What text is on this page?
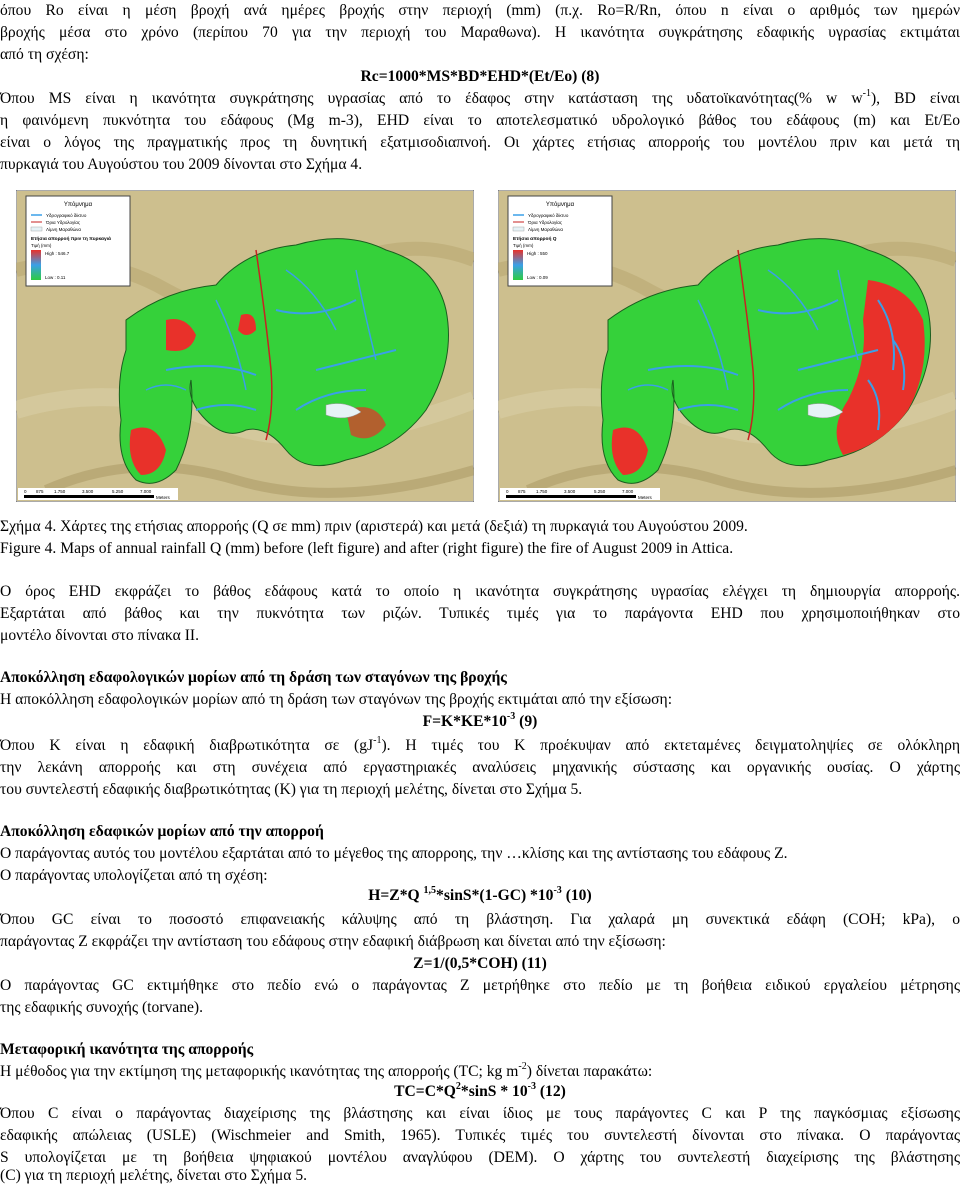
όπου Ro είναι η μέση βροχή ανά ημέρες βροχής στην περιοχή (mm) (π.χ. Ro=R/Rn, όπου n είναι ο αριθμός των ημερών
βροχής μέσα στο χρόνο (περίπου 70 για την περιοχή του Μαραθωνα). Η ικανότητα συγκράτησης εδαφικής υγρασίας εκτιμάται
από τη σχέση:
Rc=1000*MS*BD*EHD*(Et/Eo) (8)
Όπου MS είναι η ικανότητα συγκράτησης υγρασίας από το έδαφος στην κατάσταση της υδατοϊκανότητας(% w $w^{-1}$), BD είναι
η φαινόμενη πυκνότητα του εδάφους (Mg m-3), EHD είναι το αποτελεσματικό υδρολογικό βάθος του εδάφους (m) και Et/Eo
είναι ο λόγος της πραγματικής προς τη δυνητική εξατμισοδιαπνοή. Οι χάρτες ετήσιας απορροής του μοντέλου πριν και μετά τη
πυρκαγιά του Αυγούστου του 2009 δίνονται στο Σχήμα 4.
Υπόμνημα
Υδρογραφικό δίκτυο
Όρια Υδρολογίας
Λίμνη Μαραθώνα
Ετήσια απορροή πριν τη πυρκαγιά
Τιμή (mm)
High : 546.7
Low : 0.11
0 875 1.750	3.500	5.250	7.000
Meters
Υπόμνημα
Υδρογραφικό δίκτυο
Όρια Υδρολογίας
Λίμνη Μαραθώνα
Ετήσια απορροή Q
Τιμή (mm)
High : 550
Low : 0.09
0 875 1.750	3.500	5.250	7.000
Meters
Σχήμα 4. Χάρτες της ετήσιας απορροής (Q σε mm) πριν (αριστερά) και μετά (δεξιά) τη πυρκαγιά του Αυγούστου 2009.
Figure 4. Maps of annual rainfall Q (mm) before (left figure) and after (right figure) the fire of August 2009 in Attica.
Ο όρος EHD εκφράζει το βάθος εδάφους κατά το οποίο η ικανότητα συγκράτησης υγρασίας ελέγχει τη δημιουργία απορροής.
Εξαρτάται από βάθος και την πυκνότητα των ριζών. Τυπικές τιμές για το παράγοντα EHD που χρησιμοποιήθηκαν στο
μοντέλο δίνονται στο πίνακα ΙΙ.
Αποκόλληση εδαφολογικών μορίων από τη δράση των σταγόνων της βροχής
Η αποκόλληση εδαφολογικών μορίων από τη δράση των σταγόνων της βροχής εκτιμάται από την εξίσωση:
$F=K*KE*10^{-3}$ (9)
Όπου Κ είναι η εδαφική διαβρωτικότητα σε $(gJ^{-1})$. Η τιμές του Κ προέκυψαν από εκτεταμένες δειγματοληψίες σε ολόκληρη
την λεκάνη απορροής και στη συνέχεια από εργαστηριακές αναλύσεις μηχανικής σύστασης και οργανικής ουσίας. Ο χάρτης
του συντελεστή εδαφικής διαβρωτικότητας (Κ) για τη περιοχή μελέτης, δίνεται στο Σχήμα 5.
Αποκόλληση εδαφικών μορίων από την απορροή
Ο παράγοντας αυτός του μοντέλου εξαρτάται από το μέγεθος της απορροης, την …κλίσης και της αντίστασης του εδάφους Ζ.
Ο παράγοντας υπολογίζεται από τη σχέση:
H=Z*Q $^{1,5}$*sinS*(1-GC) $*10^{-3}$ (10)
Όπου GC είναι το ποσοστό επιφανειακής κάλυψης από τη βλάστηση. Για χαλαρά μη συνεκτικά εδάφη (COH; kPa), ο
παράγοντας Ζ εκφράζει την αντίσταση του εδάφους στην εδαφική διάβρωση και δίνεται από την εξίσωση:
Z=1/(0,5*COH) (11)
Ο παράγοντας GC εκτιμήθηκε στο πεδίο ενώ ο παράγοντας Ζ μετρήθηκε στο πεδίο με τη βοήθεια ειδικού εργαλείου μέτρησης
της εδαφικής συνοχής (torvane).
Μεταφορική ικανότητα της απορροής
Η μέθοδος για την εκτίμηση της μεταφορικής ικανότητας της απορροής (TC; kg $m^{-2}$) δίνεται παρακάτω:
$TC=C*Q^2*\sin S * 10^{-3}$ (12)
Όπου C είναι ο παράγοντας διαχείρισης της βλάστησης και είναι ίδιος με τους παράγοντες C και P της παγκόσμιας εξίσωσης
εδαφικής απώλειας (USLE) (Wischmeier and Smith, 1965). Τυπικές τιμές του συντελεστή δίνονται στο πίνακα. Ο παράγοντας
S υπολογίζεται με τη βοήθεια ψηφιακού μοντέλου αναγλύφου (DEM). Ο χάρτης του συντελεστή διαχείρισης της βλάστησης
(C) για τη περιοχή μελέτης, δίνεται στο Σχήμα 5.
